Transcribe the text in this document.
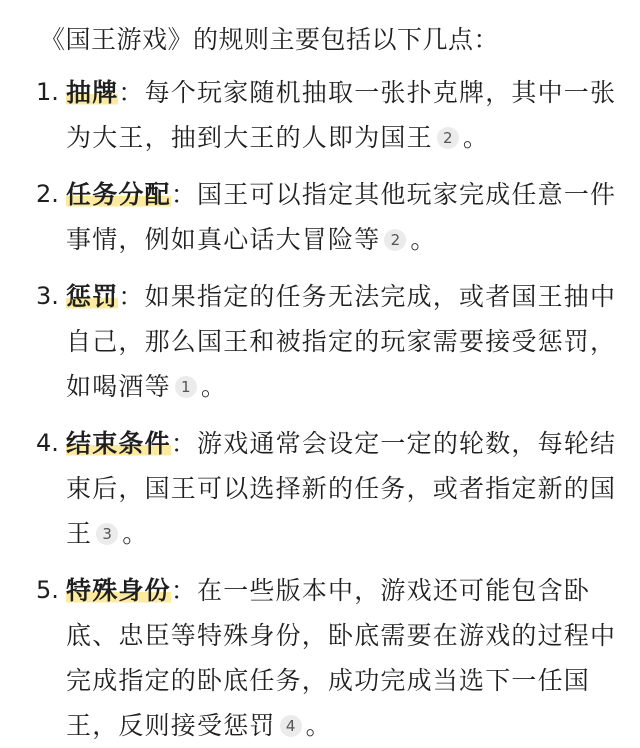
《国王游戏》的规则主要包括以下几点：

1. 抽牌：每个玩家随机抽取一张扑克牌，其中一张为大王，抽到大王的人即为国王 2 。
2. 任务分配：国王可以指定其他玩家完成任意一件事情，例如真心话大冒险等 2 。
3. 惩罚：如果指定的任务无法完成，或者国王抽中自己，那么国王和被指定的玩家需要接受惩罚，如喝酒等 1 。
4. 结束条件：游戏通常会设定一定的轮数，每轮结束后，国王可以选择新的任务，或者指定新的国王 3 。
5. 特殊身份：在一些版本中，游戏还可能包含卧底、忠臣等特殊身份，卧底需要在游戏的过程中完成指定的卧底任务，成功完成当选下一任国王，反则接受惩罚 4 。
